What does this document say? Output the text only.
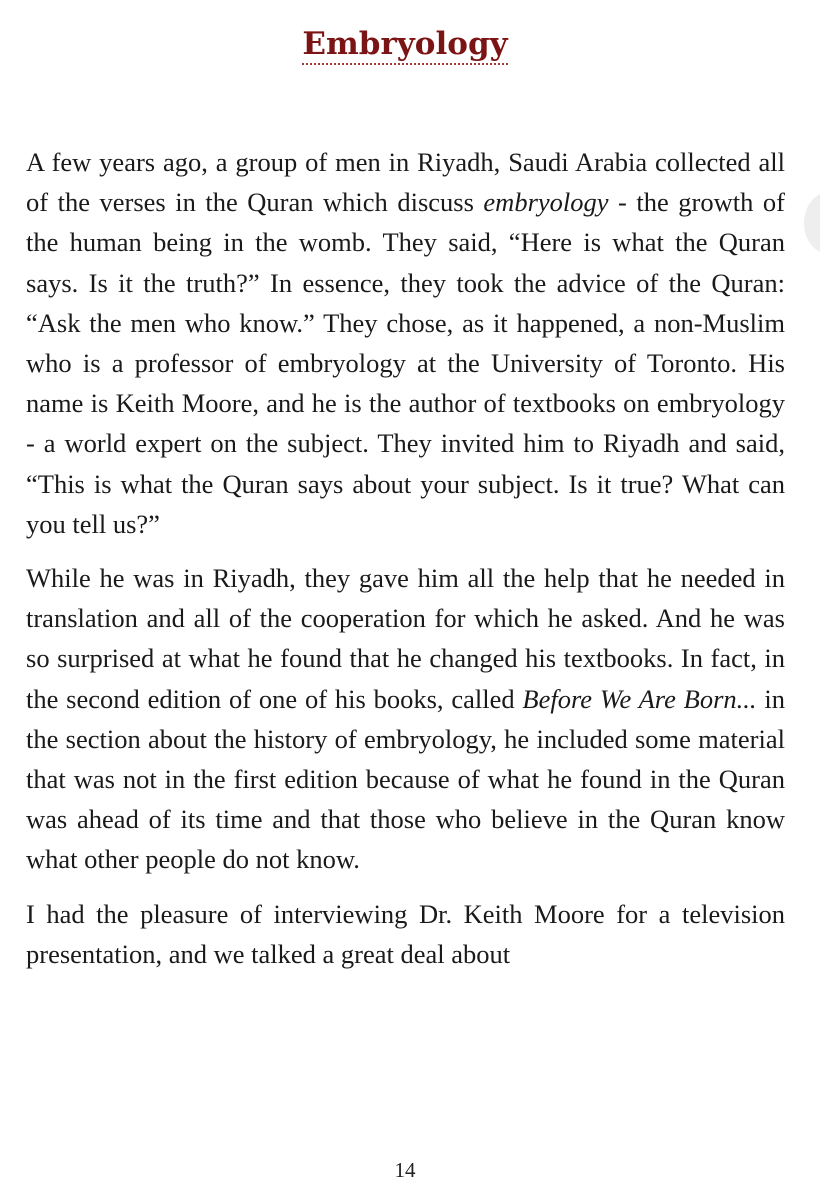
Embryology

A few years ago, a group of men in Riyadh, Saudi Arabia collected all of the verses in the Quran which discuss embryology - the growth of the human being in the womb. They said, “Here is what the Quran says. Is it the truth?” In essence, they took the advice of the Quran: “Ask the men who know.” They chose, as it happened, a non-Muslim who is a professor of embryology at the University of Toronto. His name is Keith Moore, and he is the author of textbooks on embryology - a world expert on the subject. They invited him to Riyadh and said, “This is what the Quran says about your subject. Is it true? What can you tell us?”

While he was in Riyadh, they gave him all the help that he needed in translation and all of the cooperation for which he asked. And he was so surprised at what he found that he changed his textbooks. In fact, in the second edition of one of his books, called Before We Are Born... in the section about the history of embryology, he included some material that was not in the first edition because of what he found in the Quran was ahead of its time and that those who believe in the Quran know what other people do not know.

I had the pleasure of interviewing Dr. Keith Moore for a television presentation, and we talked a great deal about

14
